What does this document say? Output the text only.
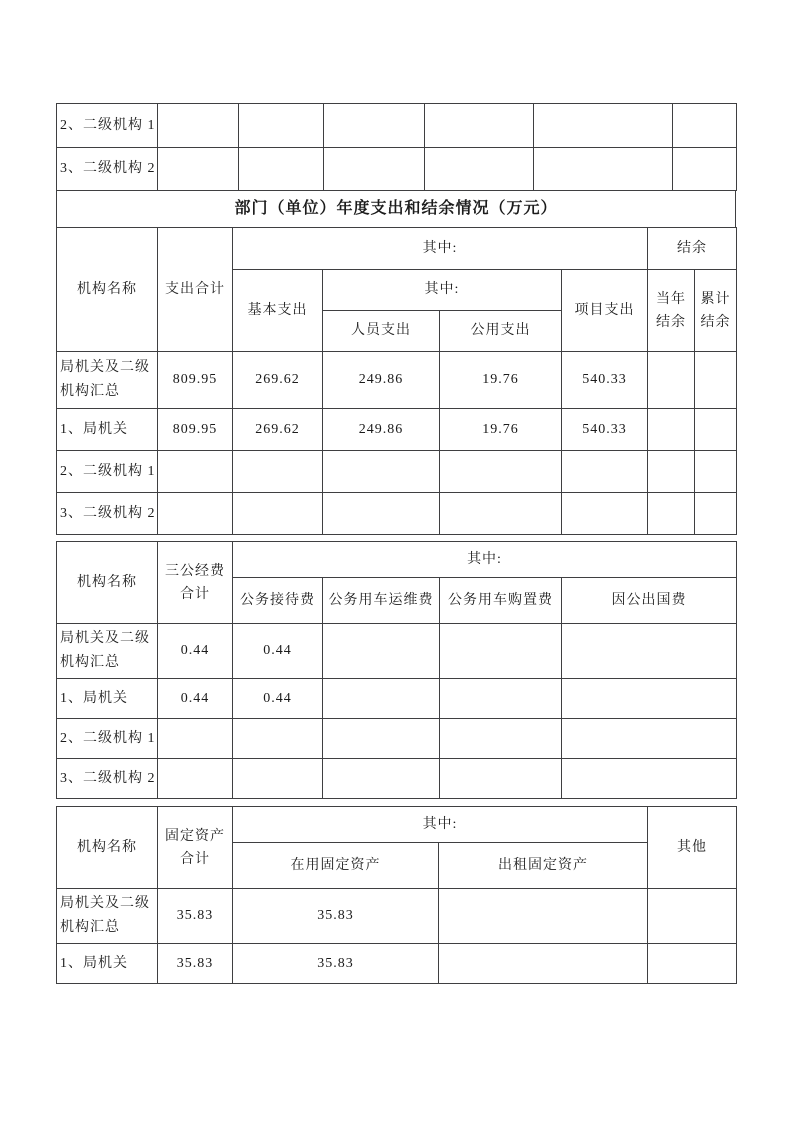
2、二级机构 1						
3、二级机构 2						
部门（单位）年度支出和结余情况（万元）
机构名称	支出合计	其中:				结余	
		基本支出	其中:		项目支出	当年结余	累计结余
			人员支出	公用支出			
局机关及二级机构汇总	809.95	269.62	249.86	19.76	540.33		
1、局机关	809.95	269.62	249.86	19.76	540.33		
2、二级机构 1							
3、二级机构 2							
机构名称	三公经费合计	其中:			
		公务接待费	公务用车运维费	公务用车购置费	因公出国费
局机关及二级机构汇总	0.44	0.44			
1、局机关	0.44	0.44			
2、二级机构 1					
3、二级机构 2					
机构名称	固定资产合计	其中:		其他
		在用固定资产	出租固定资产	
局机关及二级机构汇总	35.83	35.83		
1、局机关	35.83	35.83		
